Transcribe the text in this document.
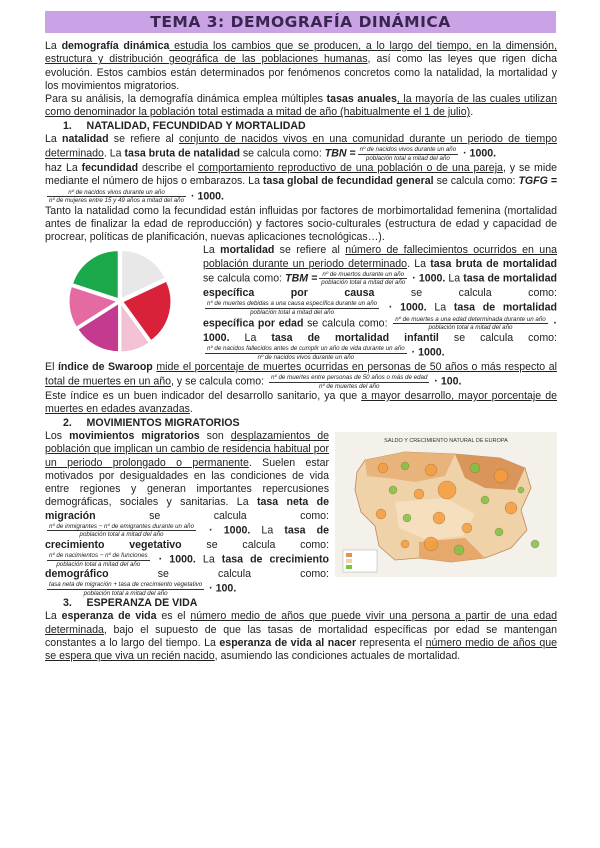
TEMA 3: DEMOGRAFÍA DINÁMICA

La demografía dinámica estudia los cambios que se producen, a lo largo del tiempo, en la dimensión, estructura y distribución geográfica de las poblaciones humanas, así como las leyes que rigen dicha evolución. Estos cambios están determinados por fenómenos concretos como la natalidad, la mortalidad y los movimientos migratorios.

Para su análisis, la demografía dinámica emplea múltiples tasas anuales, la mayoría de las cuales utilizan como denominador la población total estimada a mitad de año (habitualmente el 1 de julio).

1.     NATALIDAD, FECUNDIDAD Y MORTALIDAD

La natalidad se refiere al conjunto de nacidos vivos en una comunidad durante un periodo de tiempo determinado. La tasa bruta de natalidad se calcula como: TBN = nº de nacidos vivos durante un año
población total a mitad del año · 1000.

haz La fecundidad describe el comportamiento reproductivo de una población o de una pareja, y se mide mediante el número de hijos o embarazos. La tasa global de fecundidad general se calcula como: TGFG =
nº de nacidos vivos durante un año
nº de mujeres entre 15 y 49 años a mitad del año · 1000.

Tanto la natalidad como la fecundidad están influidas por factores de morbimortalidad femenina (mortalidad antes de finalizar la edad de reproducción) y factores socio-culturales (estructura de edad y capacidad de procrear, políticas de planificación, nuevas aplicaciones tecnológicas…).

La mortalidad se refiere al número de fallecimientos ocurridos en una población durante un periodo determinado. La tasa bruta de mortalidad se calcula como: TBM = nº de muertos durante un año
población total a mitad del año · 1000. La tasa de mortalidad específica por causa se calcula como:
nº de muertes debidas a una causa específica durante un año
población total a mitad del año	· 1000. La tasa de mortalidad específica por edad se calcula como: nº de muertes a una edad determinada durante un año
población total a mitad del año	· 1000. La tasa de mortalidad infantil se calcula como:
nº de nacidos fallecidos antes de cumplir un año de vida durante un año
nº de nacidos vivos durante un año	· 1000.

El índice de Swaroop mide el porcentaje de muertes ocurridas en personas de 50 años o más respecto al total de muertes en un año, y se calcula como: nº de muertes entre personas de 50 años o más de edad
nº de muertes del año	· 100.

Este índice es un buen indicador del desarrollo sanitario, ya que a mayor desarrollo, mayor porcentaje de muertes en edades avanzadas.

2.     MOVIMIENTOS MIGRATORIOS

SALDO Y CRECIMIENTO NATURAL DE EUROPA
Los movimientos migratorios son desplazamientos de población que implican un cambio de residencia habitual por un periodo prolongado o permanente. Suelen estar motivados por desigualdades en las condiciones de vida entre regiones y generan importantes repercusiones demográficas, sociales y sanitarias. La tasa neta de migración se calcula como:
nº de inmigrantes − nº de emigrantes durante un año
población total a mitad del año	· 1000. La tasa de crecimiento vegetativo se calcula como:
nº de nacimientos − nº de funciones
población total a mitad del año	· 1000. La tasa de crecimiento demográfico se calcula como:
tasa neta de migración + tasa de crecimiento vegetativo
población total a mitad del año	· 100.

3.     ESPERANZA DE VIDA

La esperanza de vida es el número medio de años que puede vivir una persona a partir de una edad determinada, bajo el supuesto de que las tasas de mortalidad específicas por edad se mantengan constantes a lo largo del tiempo. La esperanza de vida al nacer representa el número medio de años que se espera que viva un recién nacido, asumiendo las condiciones actuales de mortalidad.
